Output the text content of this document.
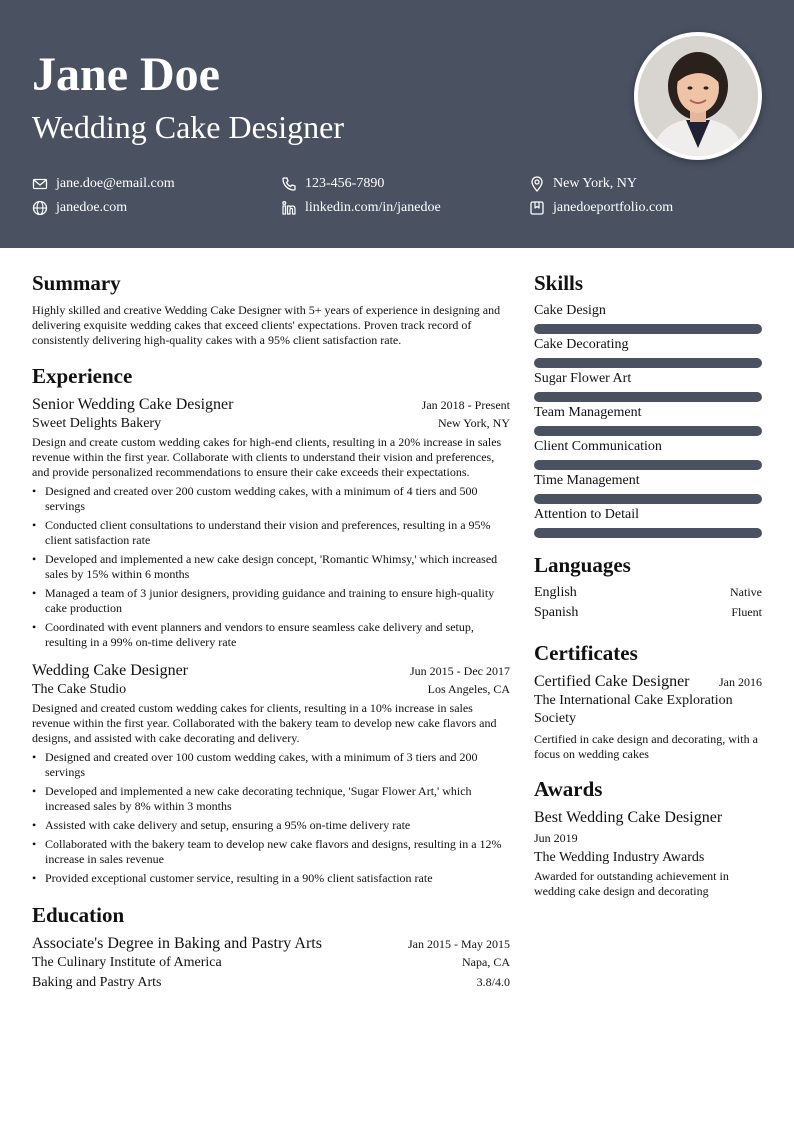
Jane Doe
Wedding Cake Designer
jane.doe@email.com	123-456-7890	New York, NY
janedoe.com	linkedin.com/in/janedoe	janedoeportfolio.com
Summary
Highly skilled and creative Wedding Cake Designer with 5+ years of experience in designing and delivering exquisite wedding cakes that exceed clients' expectations. Proven track record of consistently delivering high-quality cakes with a 95% client satisfaction rate.
Experience
Senior Wedding Cake Designer	Jan 2018 - Present
Sweet Delights Bakery	New York, NY
Design and create custom wedding cakes for high-end clients, resulting in a 20% increase in sales revenue within the first year. Collaborate with clients to understand their vision and preferences, and provide personalized recommendations to ensure their cake exceeds their expectations.
• Designed and created over 200 custom wedding cakes, with a minimum of 4 tiers and 500 servings
• Conducted client consultations to understand their vision and preferences, resulting in a 95% client satisfaction rate
• Developed and implemented a new cake design concept, 'Romantic Whimsy,' which increased sales by 15% within 6 months
• Managed a team of 3 junior designers, providing guidance and training to ensure high-quality cake production
• Coordinated with event planners and vendors to ensure seamless cake delivery and setup, resulting in a 99% on-time delivery rate
Wedding Cake Designer	Jun 2015 - Dec 2017
The Cake Studio	Los Angeles, CA
Designed and created custom wedding cakes for clients, resulting in a 10% increase in sales revenue within the first year. Collaborated with the bakery team to develop new cake flavors and designs, and assisted with cake decorating and delivery.
• Designed and created over 100 custom wedding cakes, with a minimum of 3 tiers and 200 servings
• Developed and implemented a new cake decorating technique, 'Sugar Flower Art,' which increased sales by 8% within 3 months
• Assisted with cake delivery and setup, ensuring a 95% on-time delivery rate
• Collaborated with the bakery team to develop new cake flavors and designs, resulting in a 12% increase in sales revenue
• Provided exceptional customer service, resulting in a 90% client satisfaction rate
Education
Associate's Degree in Baking and Pastry Arts	Jan 2015 - May 2015
The Culinary Institute of America	Napa, CA
Baking and Pastry Arts	3.8/4.0
Skills
Cake Design
Cake Decorating
Sugar Flower Art
Team Management
Client Communication
Time Management
Attention to Detail
Languages
English	Native
Spanish	Fluent
Certificates
Certified Cake Designer Jan 2016
The International Cake Exploration Society
Certified in cake design and decorating, with a focus on wedding cakes
Awards
Best Wedding Cake Designer
Jun 2019
The Wedding Industry Awards
Awarded for outstanding achievement in wedding cake design and decorating
